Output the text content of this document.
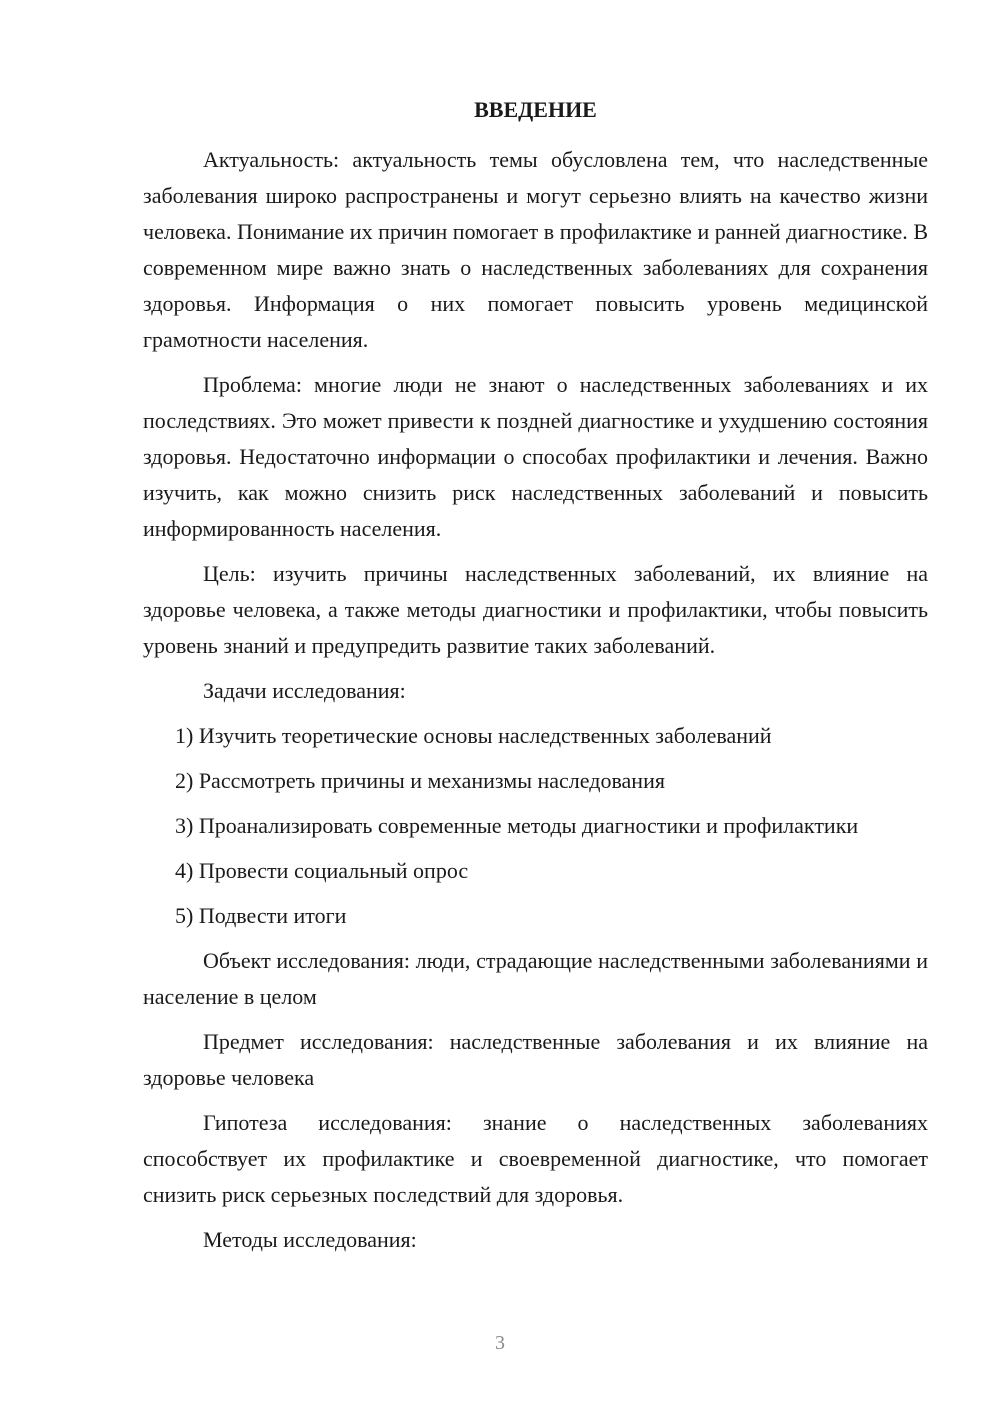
ВВЕДЕНИЕ

Актуальность: актуальность темы обусловлена тем, что наследственные заболевания широко распространены и могут серьезно влиять на качество жизни человека. Понимание их причин помогает в профилактике и ранней диагностике. В современном мире важно знать о наследственных заболеваниях для сохранения здоровья. Информация о них помогает повысить уровень медицинской грамотности населения.

Проблема: многие люди не знают о наследственных заболеваниях и их последствиях. Это может привести к поздней диагностике и ухудшению состояния здоровья. Недостаточно информации о способах профилактики и лечения. Важно изучить, как можно снизить риск наследственных заболеваний и повысить информированность населения.

Цель: изучить причины наследственных заболеваний, их влияние на здоровье человека, а также методы диагностики и профилактики, чтобы повысить уровень знаний и предупредить развитие таких заболеваний.

Задачи исследования:

1) Изучить теоретические основы наследственных заболеваний

2) Рассмотреть причины и механизмы наследования

3) Проанализировать современные методы диагностики и профилактики

4) Провести социальный опрос

5) Подвести итоги

Объект исследования: люди, страдающие наследственными заболеваниями и население в целом

Предмет исследования: наследственные заболевания и их влияние на здоровье человека

Гипотеза исследования: знание о наследственных заболеваниях способствует их профилактике и своевременной диагностике, что помогает снизить риск серьезных последствий для здоровья.

Методы исследования:

3
